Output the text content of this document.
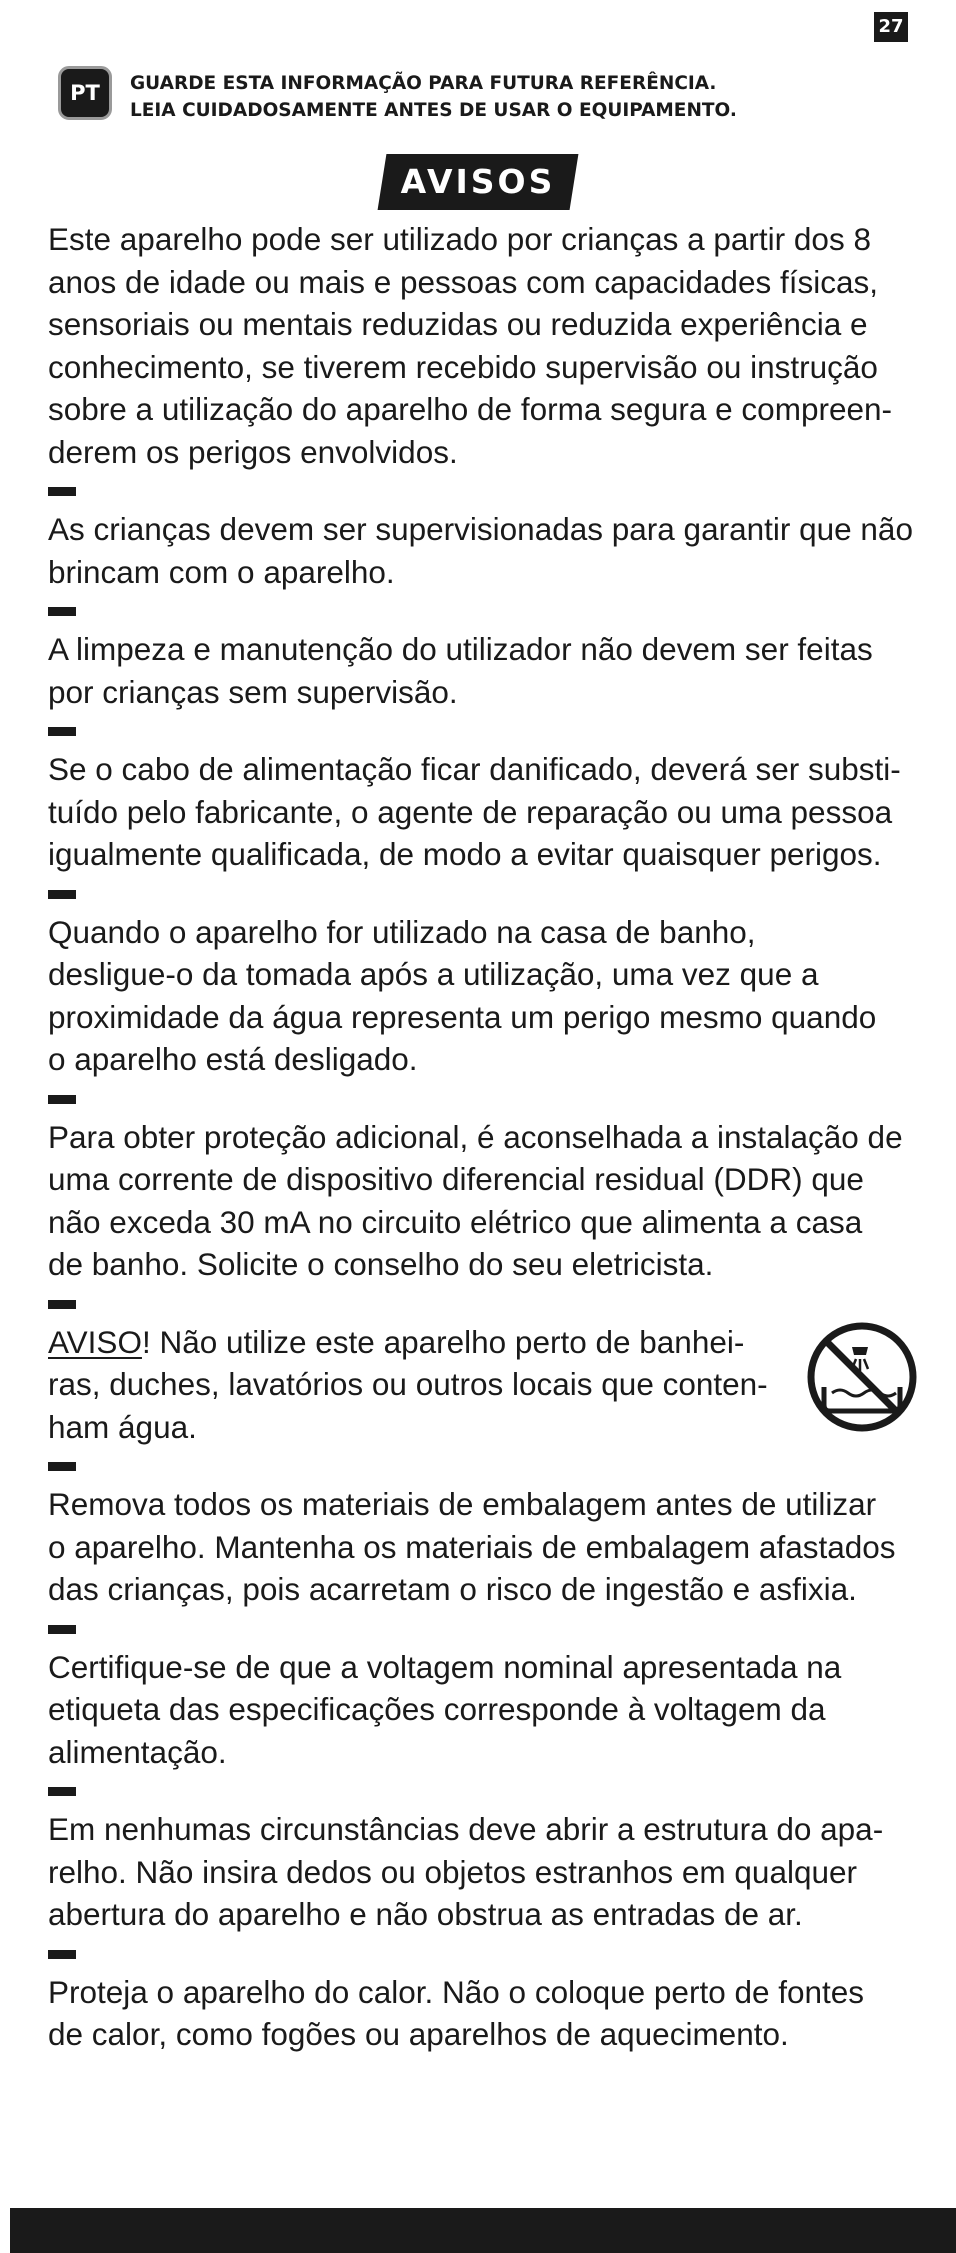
27
PT	GUARDE ESTA INFORMAÇÃO PARA FUTURA REFERÊNCIA.
LEIA CUIDADOSAMENTE ANTES DE USAR O EQUIPAMENTO.
AVISOS
Este aparelho pode ser utilizado por crianças a partir dos 8
anos de idade ou mais e pessoas com capacidades físicas,
sensoriais ou mentais reduzidas ou reduzida experiência e
conhecimento, se tiverem recebido supervisão ou instrução
sobre a utilização do aparelho de forma segura e compreen-
derem os perigos envolvidos.
As crianças devem ser supervisionadas para garantir que não
brincam com o aparelho.
A limpeza e manutenção do utilizador não devem ser feitas
por crianças sem supervisão.
Se o cabo de alimentação ficar danificado, deverá ser substi-
tuído pelo fabricante, o agente de reparação ou uma pessoa
igualmente qualificada, de modo a evitar quaisquer perigos.
Quando o aparelho for utilizado na casa de banho,
desligue-o da tomada após a utilização, uma vez que a
proximidade da água representa um perigo mesmo quando
o aparelho está desligado.
Para obter proteção adicional, é aconselhada a instalação de
uma corrente de dispositivo diferencial residual (DDR) que
não exceda 30 mA no circuito elétrico que alimenta a casa
de banho. Solicite o conselho do seu eletricista.
AVISO! Não utilize este aparelho perto de banhei-
ras, duches, lavatórios ou outros locais que conten-
ham água.
Remova todos os materiais de embalagem antes de utilizar
o aparelho. Mantenha os materiais de embalagem afastados
das crianças, pois acarretam o risco de ingestão e asfixia.
Certifique-se de que a voltagem nominal apresentada na
etiqueta das especificações corresponde à voltagem da
alimentação.
Em nenhumas circunstâncias deve abrir a estrutura do apa-
relho. Não insira dedos ou objetos estranhos em qualquer
abertura do aparelho e não obstrua as entradas de ar.
Proteja o aparelho do calor. Não o coloque perto de fontes
de calor, como fogões ou aparelhos de aquecimento.
